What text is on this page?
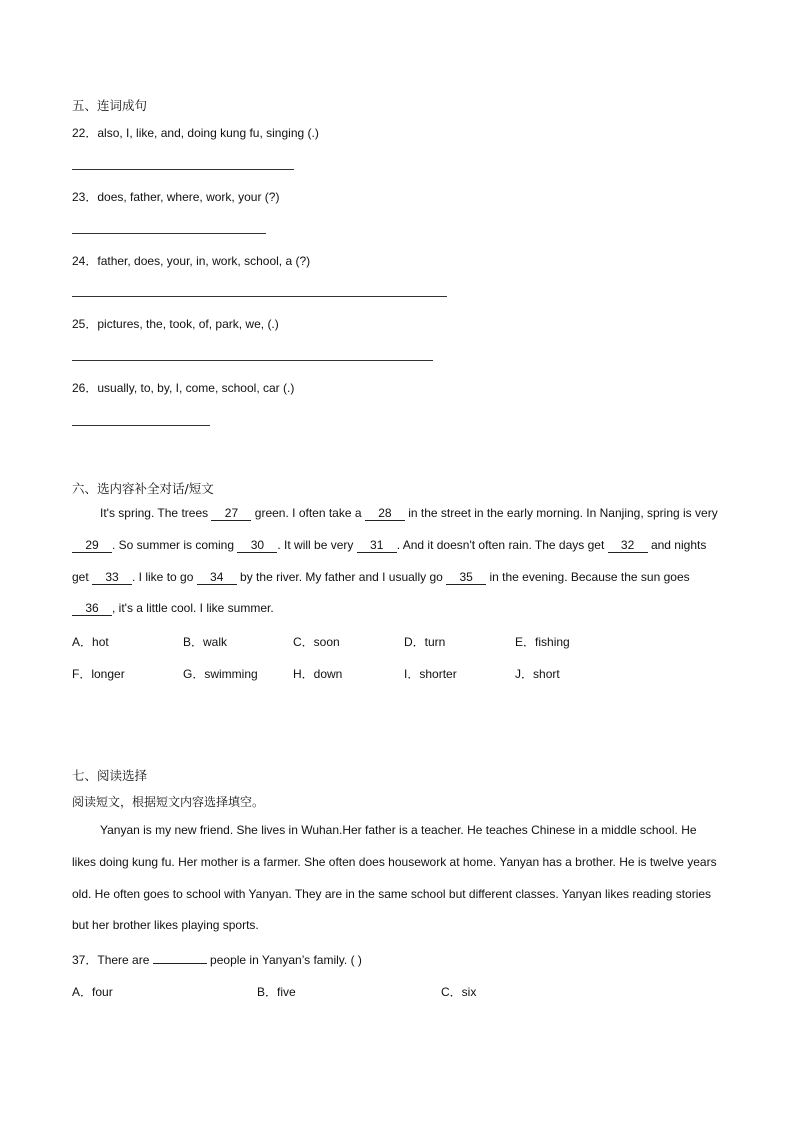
五、连词成句
22．also, I, like, and, doing kung fu, singing (.)
23．does, father, where, work, your (?)
24．father, does, your, in, work, school, a (?)
25．pictures, the, took, of, park, we, (.)
26．usually, to, by, I, come, school, car (.)
六、选内容补全对话/短文
It's spring. The trees 27 green. I often take a 28 in the street in the early morning. In Nanjing, spring is very 29 . So summer is coming 30 . It will be very 31 . And it doesn't often rain. The days get 32 and nights get 33 . I like to go 34 by the river. My father and I usually go 35 in the evening. Because the sun goes 36 , it's a little cool. I like summer.
A．hot	B．walk	C．soon	D．turn	E．fishing
F．longer	G．swimming	H．down	I．shorter	J．short
七、阅读选择
阅读短文，根据短文内容选择填空。
Yanyan is my new friend. She lives in Wuhan.Her father is a teacher. He teaches Chinese in a middle school. He likes doing kung fu. Her mother is a farmer. She often does housework at home. Yanyan has a brother. He is twelve years old. He often goes to school with Yanyan. They are in the same school but different classes. Yanyan likes reading stories but her brother likes playing sports.
37．There are	people in Yanyan’s family. ( )
A．four	B．five	C．six
